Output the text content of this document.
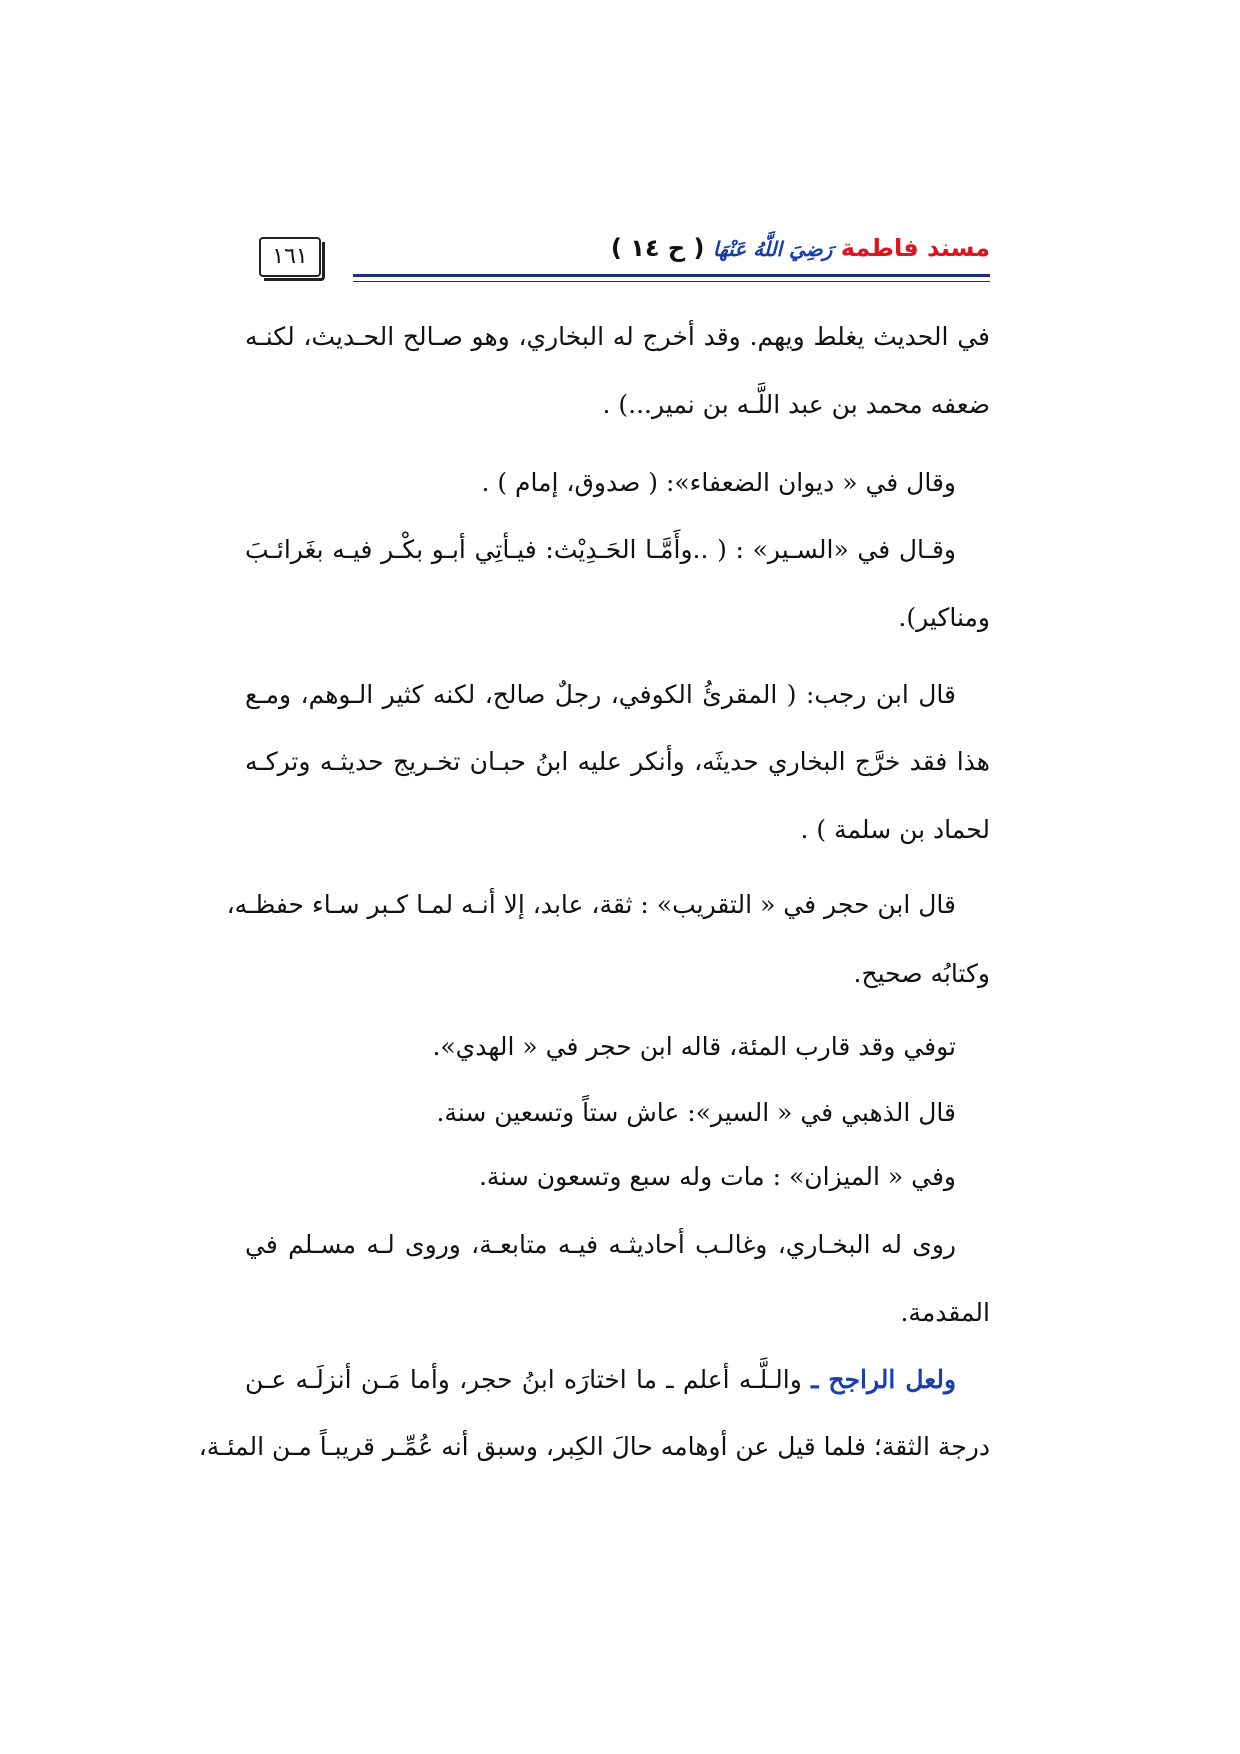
١٦١	مسند فاطمة رَضِيَ اللَّهُ عَنْهَا ( ح ١٤ )
في الحديث يغلط ويهم. وقد أخرج له البخاري، وهو صـالح الحـديث، لكنـه
ضعفه محمد بن عبد اللَّـه بن نمير...) .
وقال في « ديوان الضعفاء»: ( صدوق، إمام ) .
وقـال في «السـير» : ( ..وأَمَّـا الحَـدِيْث: فيـأتِي أبـو بكْـر فيـه بغَرائـبَ
ومناكير).
قال ابن رجب: ( المقرئُ الكوفي، رجلٌ صالح، لكنه كثير الـوهم، ومـع
هذا فقد خرَّج البخاري حديثَه، وأنكر عليه ابنُ حبـان تخـريج حديثـه وتركـه
لحماد بن سلمة ) .
قال ابن حجر في « التقريب» : ثقة، عابد، إلا أنـه لمـا كـبر سـاء حفظـه،
وكتابُه صحيح.
توفي وقد قارب المئة، قاله ابن حجر في « الهدي».
قال الذهبي في « السير»: عاش ستاً وتسعين سنة.
وفي « الميزان» : مات وله سبع وتسعون سنة.
روى له البخـاري، وغالـب أحاديثـه فيـه متابعـة، وروى لـه مسـلم في
المقدمة.
ولعل الراجح ـ والـلَّـه أعلم ـ ما اختارَه ابنُ حجر، وأما مَـن أنزلَـه عـن
درجة الثقة؛ فلما قيل عن أوهامه حالَ الكِبر، وسبق أنه عُمِّـر قريبـاً مـن المئـة،
